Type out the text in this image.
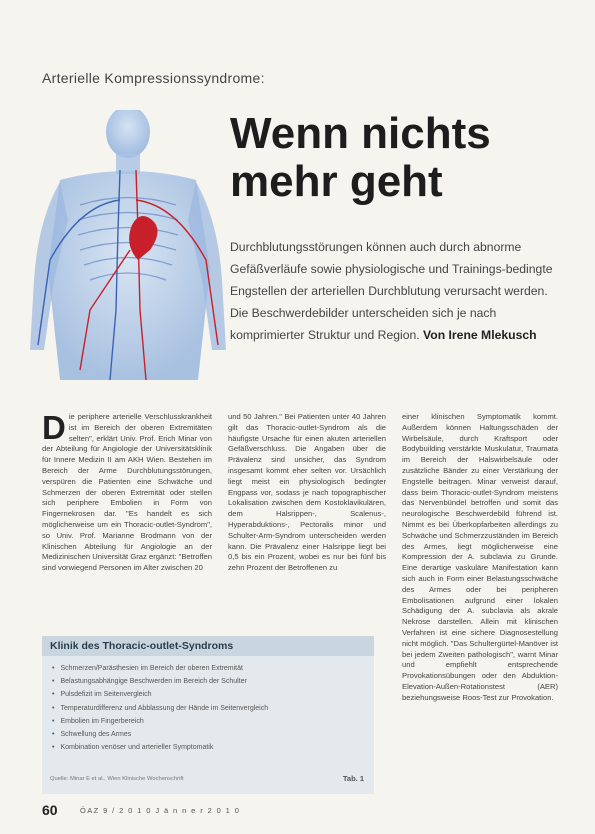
Arterielle Kompressionssyndrome:
Wenn nichts
mehr geht
Durchblutungsstörungen können auch durch abnorme Gefäßverläufe sowie physiologische und Trainings-bedingte Engstellen der arteriellen Durchblutung verursacht werden. Die Beschwerdebilder unterscheiden sich je nach komprimierter Struktur und Region. Von Irene Mlekusch
D ie periphere arterielle Verschlusskrankheit ist im Bereich der oberen Extremitäten selten", erklärt Univ. Prof. Erich Minar von der Abteilung für Angiologie der Universitätsklinik für Innere Medizin II am AKH Wien. Bestehen im Bereich der Arme Durchblutungsstörungen, verspüren die Patienten eine Schwäche und Schmerzen der oberen Extremität oder stellen sich periphere Embolien in Form von Fingernekrosen dar. "Es handelt es sich möglicherweise um ein Thoracic-outlet-Syndrom", so Univ. Prof. Marianne Brodmann von der Klinischen Abteilung für Angiologie an der Medizinischen Universität Graz ergänzt: "Betroffen sind vorwiegend Personen im Alter zwischen 20
und 50 Jahren." Bei Patienten unter 40 Jahren gilt das Thoracic-outlet-Syndrom als die häufigste Ursache für einen akuten arteriellen Gefäßverschluss. Die Angaben über die Prävalenz sind unsicher, das Syndrom insgesamt kommt eher selten vor. Ursächlich liegt meist ein physiologisch bedingter Engpass vor, sodass je nach topographischer Lokalisation zwischen dem Kostoklavikulären, dem Halsrippen-, Scalenus-, Hyperabduktions-, Pectoralis minor und Schulter-Arm-Syndrom unterscheiden werden kann. Die Prävalenz einer Halsrippe liegt bei 0,5 bis ein Prozent, wobei es nur bei fünf bis zehn Prozent der Betroffenen zu
einer klinischen Symptomatik kommt. Außerdem können Haltungsschäden der Wirbelsäule, durch Kraftsport oder Bodybuilding verstärkte Muskulatur, Traumata im Bereich der Halswirbelsäule oder zusätzliche Bänder zu einer Verstärkung der Engstelle beitragen. Minar verweist darauf, dass beim Thoracic-outlet-Syndrom meistens das Nervenbündel betroffen und somit das neurologische Beschwerdebild führend ist. Nimmt es bei Überkopfarbeiten allerdings zu Schwäche und Schmerzzuständen im Bereich des Armes, liegt möglicherweise eine Kompression der A. subclavia zu Grunde. Eine derartige vaskuläre Manifestation kann sich auch in Form einer Belastungsschwäche des Armes oder bei peripheren Embolisationen aufgrund einer lokalen Schädigung der A. subclavia als akrale Nekrose darstellen. Allein mit klinischen Verfahren ist eine sichere Diagnosestellung nicht möglich. "Das Schultergürtel-Manöver ist bei jedem Zweiten pathologisch", warnt Minar und empfiehlt entsprechende Provokationsübungen oder den Abduktion-Elevation-Außen-Rotationstest (AER) beziehungsweise Roos-Test zur Provokation.
Klinik des Thoracic-outlet-Syndroms
• Schmerzen/Parästhesien im Bereich der oberen Extremität
• Belastungsabhängige Beschwerden im Bereich der Schulter
• Pulsdefizit im Seitenvergleich
• Temperaturdifferenz und Abblassung der Hände im Seitenvergleich
• Embolien im Fingerbereich
• Schwellung des Armes
• Kombination venöser und arterieller Symptomatik
Quelle: Minar E et al., Wien Klinische Wochenschrift	Tab. 1
60	ÖAZ 9 / 2 0 1 0 J ä n n e r 2 0 1 0
